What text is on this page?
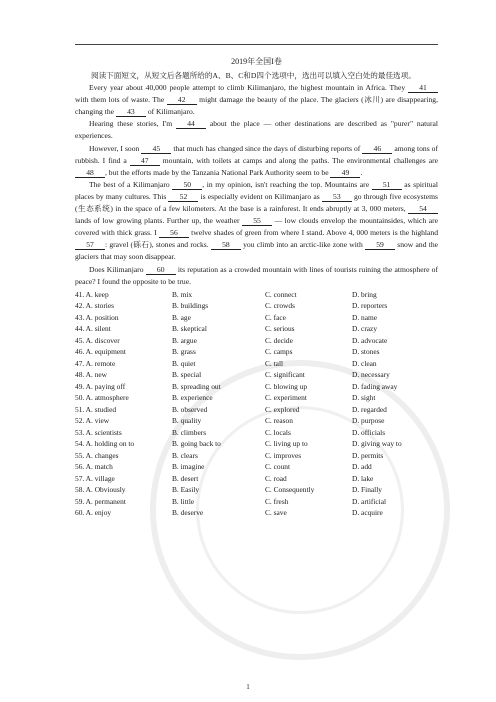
2019年全国I卷

阅读下面短文，从短文后各题所给的A、B、C和D四个选项中，选出可以填入空白处的最佳选项。

Every year about 40,000 people attempt to climb Kilimanjaro, the highest mountain in Africa. They 41 with them lots of waste. The 42 might damage the beauty of the place. The glaciers (冰川) are disappearing, changing the 43 of Kilimanjaro.

Hearing these stories, I'm 44 about the place — other destinations are described as "purer" natural experiences.

However, I soon 45 that much has changed since the days of disturbing reports of 46 among tons of rubbish. I find a 47 mountain, with toilets at camps and along the paths. The environmental challenges are 48 , but the efforts made by the Tanzania National Park Authority seem to be 49 .

The best of a Kilimanjaro 50 , in my opinion, isn't reaching the top. Mountains are 51 as spiritual places by many cultures. This 52 is especially evident on Kilimanjaro as 53 go through five ecosystems (生态系统) in the space of a few kilometers. At the base is a rainforest. It ends abruptly at 3, 000 meters, 54 lands of low growing plants. Further up, the weather 55 — low clouds envelop the mountainsides, which are covered with thick grass. I 56 twelve shades of green from where I stand. Above 4, 000 meters is the highland 57 : gravel (砾石), stones and rocks. 58 you climb into an arctic-like zone with 59 snow and the glaciers that may soon disappear.

Does Kilimanjaro 60 its reputation as a crowded mountain with lines of tourists ruining the atmosphere of peace? I found the opposite to be true.

41. A. keep	B. mix	C. connect	D. bring
42. A. stories	B. buildings	C. crowds	D. reporters
43. A. position	B. age	C. face	D. name
44. A. silent	B. skeptical	C. serious	D. crazy
45. A. discover	B. argue	C. decide	D. advocate
46. A. equipment	B. grass	C. camps	D. stones
47. A. remote	B. quiet	C. tall	D. clean
48. A. new	B. special	C. significant	D. necessary
49. A. paying off	B. spreading out	C. blowing up	D. fading away
50. A. atmosphere	B. experience	C. experiment	D. sight
51. A. studied	B. observed	C. explored	D. regarded
52. A. view	B. quality	C. reason	D. purpose
53. A. scientists	B. climbers	C. locals	D. officials
54. A. holding on to	B. going back to	C. living up to	D. giving way to
55. A. changes	B. clears	C. improves	D. permits
56. A. match	B. imagine	C. count	D. add
57. A. village	B. desert	C. road	D. lake
58. A. Obviously	B. Easily	C. Consequently	D. Finally
59. A. permanent	B. little	C. fresh	D. artificial
60. A. enjoy	B. deserve	C. save	D. acquire
1
